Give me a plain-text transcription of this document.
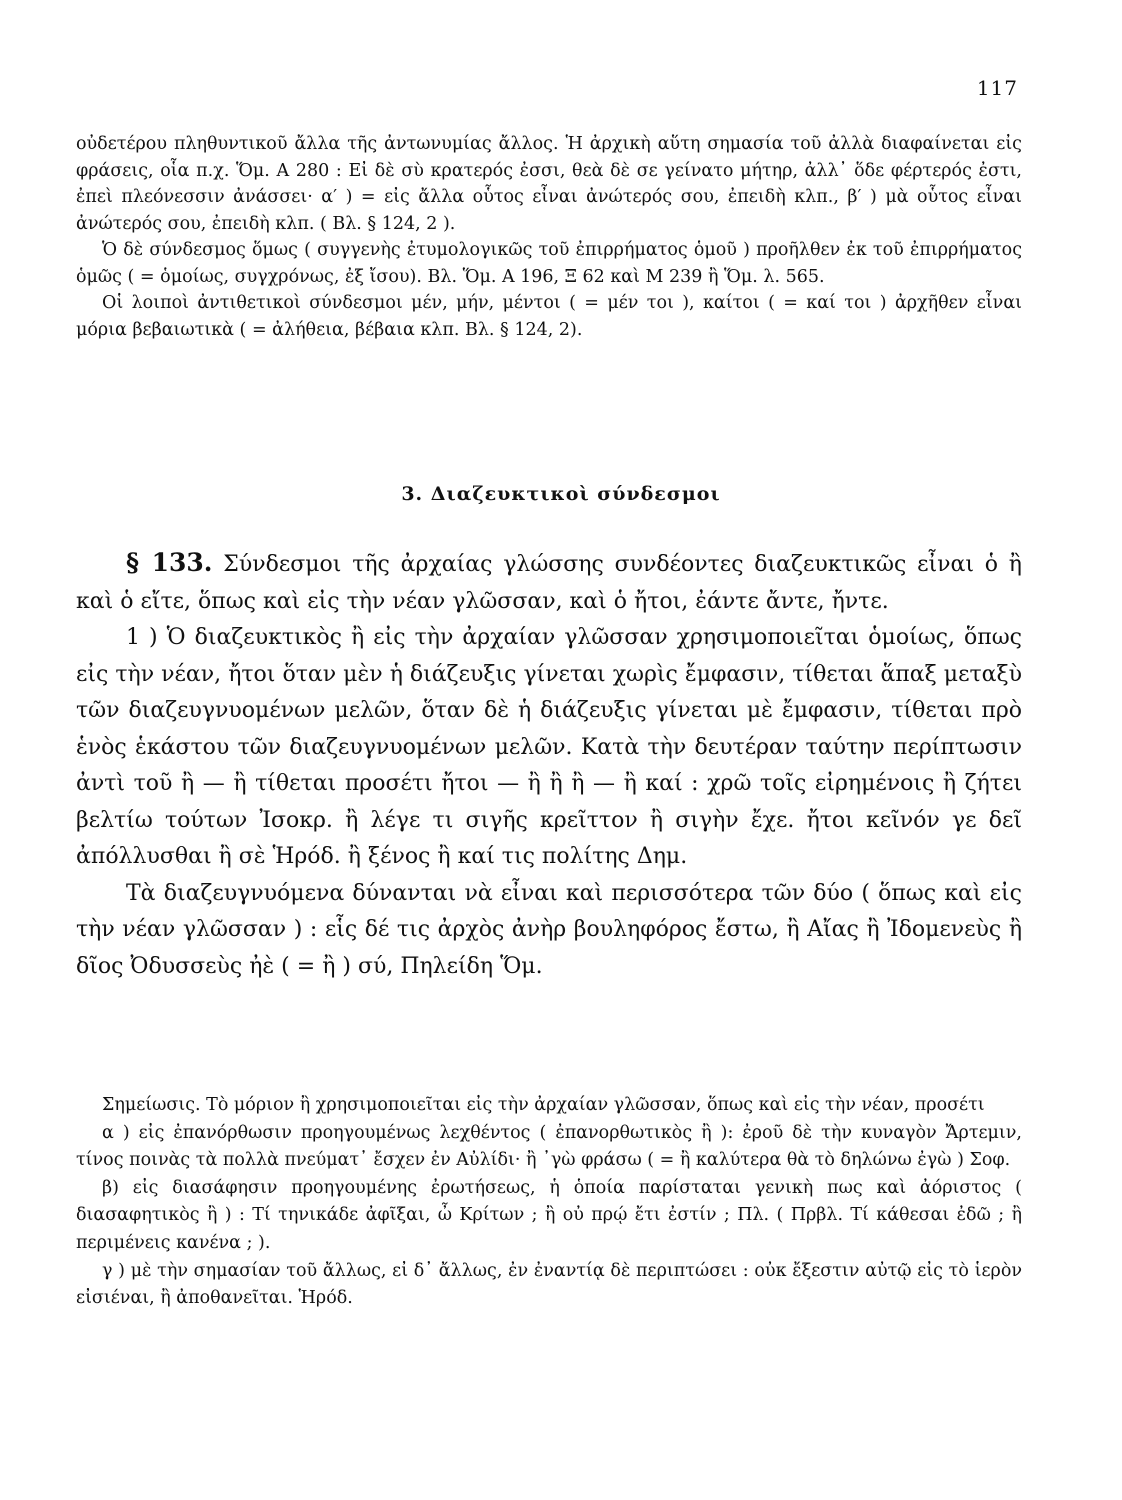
117

οὐδετέρου πληθυντικοῦ ἄλλα τῆς ἀντωνυμίας ἄλλος. Ἡ ἀρχικὴ αὕτη σημασία τοῦ ἀλλὰ διαφαίνεται εἰς φράσεις, οἷα π.χ. Ὅμ. Α 280 : Εἰ δὲ σὺ κρατερός ἐσσι, θεὰ δὲ σε γείνατο μήτηρ, ἀλλ᾽ ὅδε φέρτερός ἐστι, ἐπεὶ πλεόνεσσιν ἀνάσσει· α′ ) = εἰς ἄλλα οὗτος εἶναι ἀνώτερός σου, ἐπειδὴ κλπ., β′ ) μὰ οὗτος εἶναι ἀνώτερός σου, ἐπειδὴ κλπ. ( Βλ. § 124, 2 ).

Ὁ δὲ σύνδεσμος ὅμως ( συγγενὴς ἐτυμολογικῶς τοῦ ἐπιρρήματος ὁμοῦ ) προῆλθεν ἐκ τοῦ ἐπιρρήματος ὁμῶς ( = ὁμοίως, συγχρόνως, ἐξ ἴσου). Βλ. Ὅμ. Α 196, Ξ 62 καὶ Μ 239 ἢ Ὅμ. λ. 565.

Οἱ λοιποὶ ἀντιθετικοὶ σύνδεσμοι μέν, μήν, μέντοι ( = μέν τοι ), καίτοι ( = καί τοι ) ἀρχῆθεν εἶναι μόρια βεβαιωτικὰ ( = ἀλήθεια, βέβαια κλπ. Βλ. § 124, 2).

3. Διαζευκτικοὶ σύνδεσμοι

§ 133. Σύνδεσμοι τῆς ἀρχαίας γλώσσης συνδέοντες διαζευκτικῶς εἶναι ὁ ἢ καὶ ὁ εἴτε, ὅπως καὶ εἰς τὴν νέαν γλῶσσαν, καὶ ὁ ἤτοι, ἐάντε ἄντε, ἤντε.

1 ) Ὁ διαζευκτικὸς ἢ εἰς τὴν ἀρχαίαν γλῶσσαν χρησιμοποιεῖται ὁμοίως, ὅπως εἰς τὴν νέαν, ἤτοι ὅταν μὲν ἡ διάζευξις γίνεται χωρὶς ἔμφασιν, τίθεται ἅπαξ μεταξὺ τῶν διαζευγνυομένων μελῶν, ὅταν δὲ ἡ διάζευξις γίνεται μὲ ἔμφασιν, τίθεται πρὸ ἑνὸς ἑκάστου τῶν διαζευγνυομένων μελῶν. Κατὰ τὴν δευτέραν ταύτην περίπτωσιν ἀντὶ τοῦ ἢ — ἢ τίθεται προσέτι ἤτοι — ἢ ἢ ἢ — ἢ καί : χρῶ τοῖς εἰρημένοις ἢ ζήτει βελτίω τούτων Ἰσοκρ. ἢ λέγε τι σιγῆς κρεῖττον ἢ σιγὴν ἔχε. ἤτοι κεῖνόν γε δεῖ ἀπόλλυσθαι ἢ σὲ Ἡρόδ. ἢ ξένος ἢ καί τις πολίτης Δημ.

Τὰ διαζευγνυόμενα δύνανται νὰ εἶναι καὶ περισσότερα τῶν δύο ( ὅπως καὶ εἰς τὴν νέαν γλῶσσαν ) : εἷς δέ τις ἀρχὸς ἀνὴρ βουληφόρος ἔστω, ἢ Αἴας ἢ Ἰδομενεὺς ἢ δῖος Ὀδυσσεὺς ἠὲ ( = ἢ ) σύ, Πηλείδη Ὅμ.

Σημείωσις. Τὸ μόριον ἢ χρησιμοποιεῖται εἰς τὴν ἀρχαίαν γλῶσσαν, ὅπως καὶ εἰς τὴν νέαν, προσέτι

α ) εἰς ἐπανόρθωσιν προηγουμένως λεχθέντος ( ἐπανορθωτικὸς ἢ ): ἐροῦ δὲ τὴν κυναγὸν Ἄρτεμιν, τίνος ποινὰς τὰ πολλὰ πνεύματ᾽ ἔσχεν ἐν Αὐλίδι· ἢ ᾽γὼ φράσω ( = ἢ καλύτερα θὰ τὸ δηλώνω ἐγὼ ) Σοφ.

β) εἰς διασάφησιν προηγουμένης ἐρωτήσεως, ἡ ὁποία παρίσταται γενικὴ πως καὶ ἀόριστος ( διασαφητικὸς ἢ ) : Τί τηνικάδε ἀφῖξαι, ὦ Κρίτων ; ἢ οὐ πρῴ ἔτι ἐστίν ; Πλ. ( Πρβλ. Τί κάθεσαι ἐδῶ ; ἢ περιμένεις κανένα ; ).

γ ) μὲ τὴν σημασίαν τοῦ ἄλλως, εἰ δ᾽ ἄλλως, ἐν ἐναντίᾳ δὲ περιπτώσει : οὐκ ἔξεστιν αὐτῷ εἰς τὸ ἱερὸν εἰσιέναι, ἢ ἀποθανεῖται. Ἡρόδ.
